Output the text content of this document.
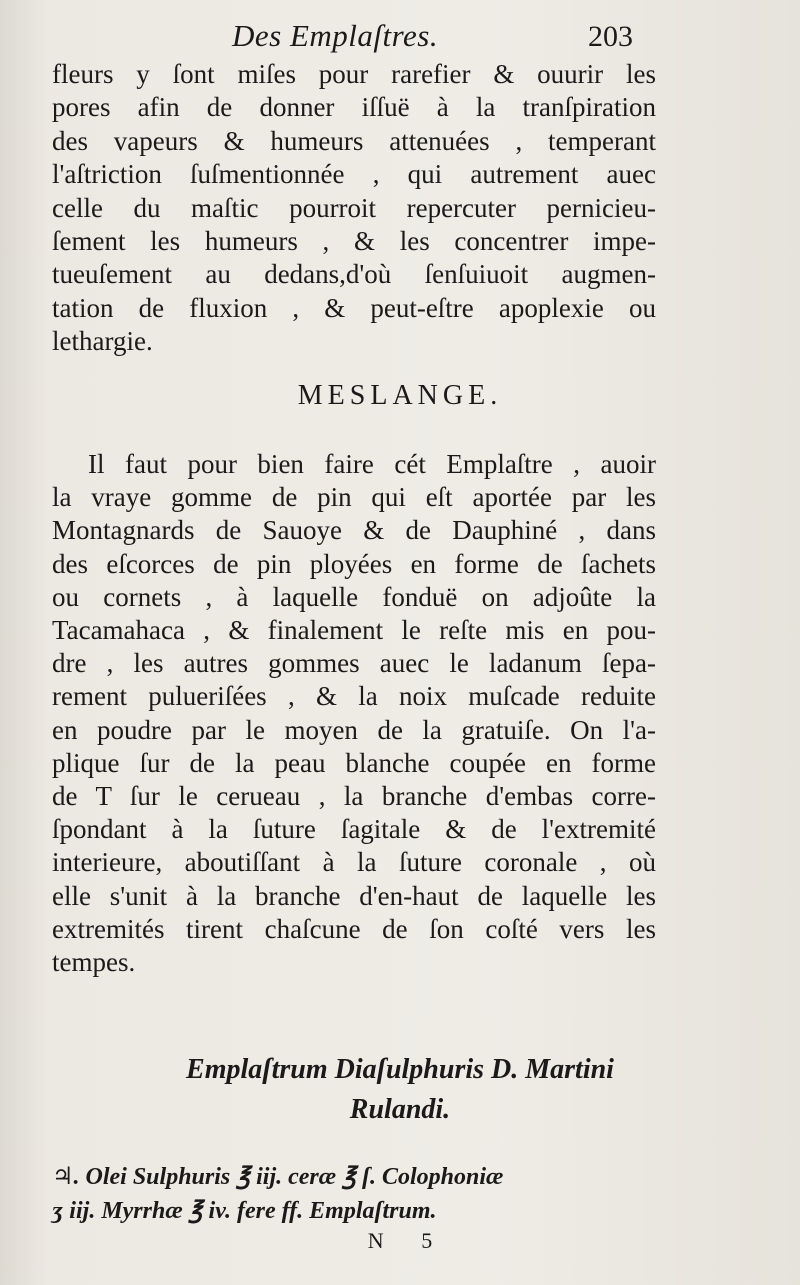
Des Emplaſtres.	203
fleurs y ſont miſes pour rarefier & ouurir les
pores afin de donner iſſuë à la tranſpiration
des vapeurs & humeurs attenuées , temperant
l'aſtriction ſuſmentionnée , qui autrement auec
celle du maſtic pourroit repercuter pernicieu-
ſement les humeurs , & les concentrer impe-
tueuſement au dedans,d'où ſenſuiuoit augmen-
tation de fluxion , & peut-eſtre apoplexie ou
lethargie.
MESLANGE.
Il faut pour bien faire cét Emplaſtre , auoir
la vraye gomme de pin qui eſt aportée par les
Montagnards de Sauoye & de Dauphiné , dans
des eſcorces de pin ployées en forme de ſachets
ou cornets , à laquelle fonduë on adjoûte la
Tacamahaca , & finalement le reſte mis en pou-
dre , les autres gommes auec le ladanum ſepa-
rement pulueriſées , & la noix muſcade reduite
en poudre par le moyen de la gratuiſe. On l'a-
plique ſur de la peau blanche coupée en forme
de T ſur le cerueau , la branche d'embas corre-
ſpondant à la ſuture ſagitale & de l'extremité
interieure, aboutiſſant à la ſuture coronale , où
elle s'unit à la branche d'en-haut de laquelle les
extremités tirent chaſcune de ſon coſté vers les
tempes.
Emplaſtrum Diaſulphuris D. Martini
Rulandi.
♃. Olei Sulphuris ℥ iij. ceræ ℥ ſ. Colophoniæ
ʒ iij. Myrrhæ ℥ iv. fere ff. Emplaſtrum.
N 5
